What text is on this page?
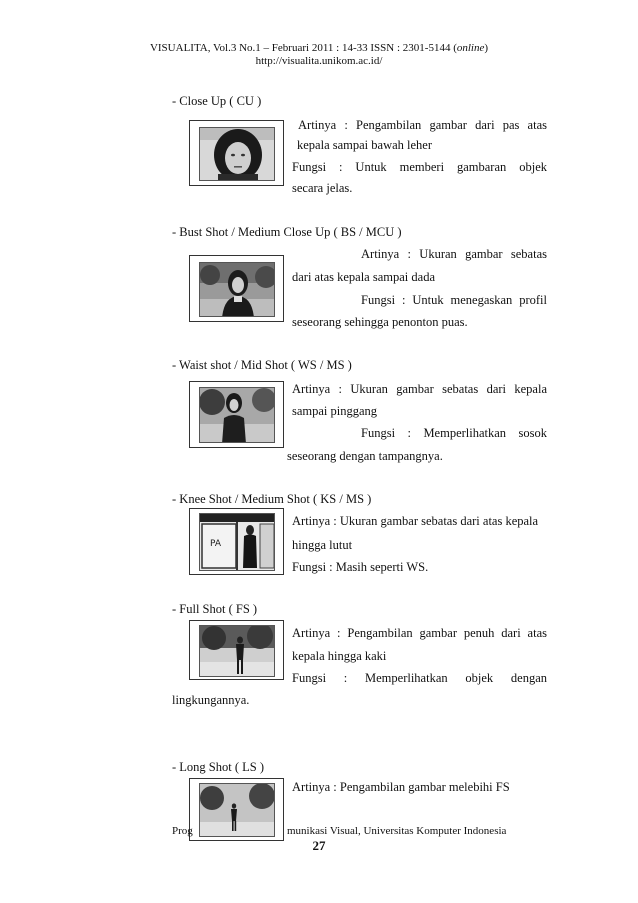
VISUALITA, Vol.3 No.1 – Februari 2011 : 14-33 ISSN : 2301-5144 (online)
http://visualita.unikom.ac.id/
- Close Up ( CU )
Artinya : Pengambilan gambar dari pas atas
kepala sampai bawah leher
Fungsi : Untuk memberi gambaran objek
secara jelas.
- Bust Shot / Medium Close Up ( BS / MCU )
Artinya : Ukuran gambar sebatas
dari atas kepala sampai dada
Fungsi : Untuk menegaskan profil
seseorang sehingga penonton puas.
- Waist shot / Mid Shot ( WS / MS )
Artinya : Ukuran gambar sebatas dari kepala
sampai pinggang
Fungsi : Memperlihatkan sosok
seseorang dengan tampangnya.
- Knee Shot / Medium Shot ( KS / MS )
PA
Artinya : Ukuran gambar sebatas dari atas kepala
hingga lutut
Fungsi : Masih seperti WS.
- Full Shot ( FS )
Artinya : Pengambilan gambar penuh dari atas
kepala hingga kaki
Fungsi : Memperlihatkan objek dengan
lingkungannya.
- Long Shot ( LS )
Artinya : Pengambilan gambar melebihi FS
Prog	munikasi Visual, Universitas Komputer Indonesia
27
